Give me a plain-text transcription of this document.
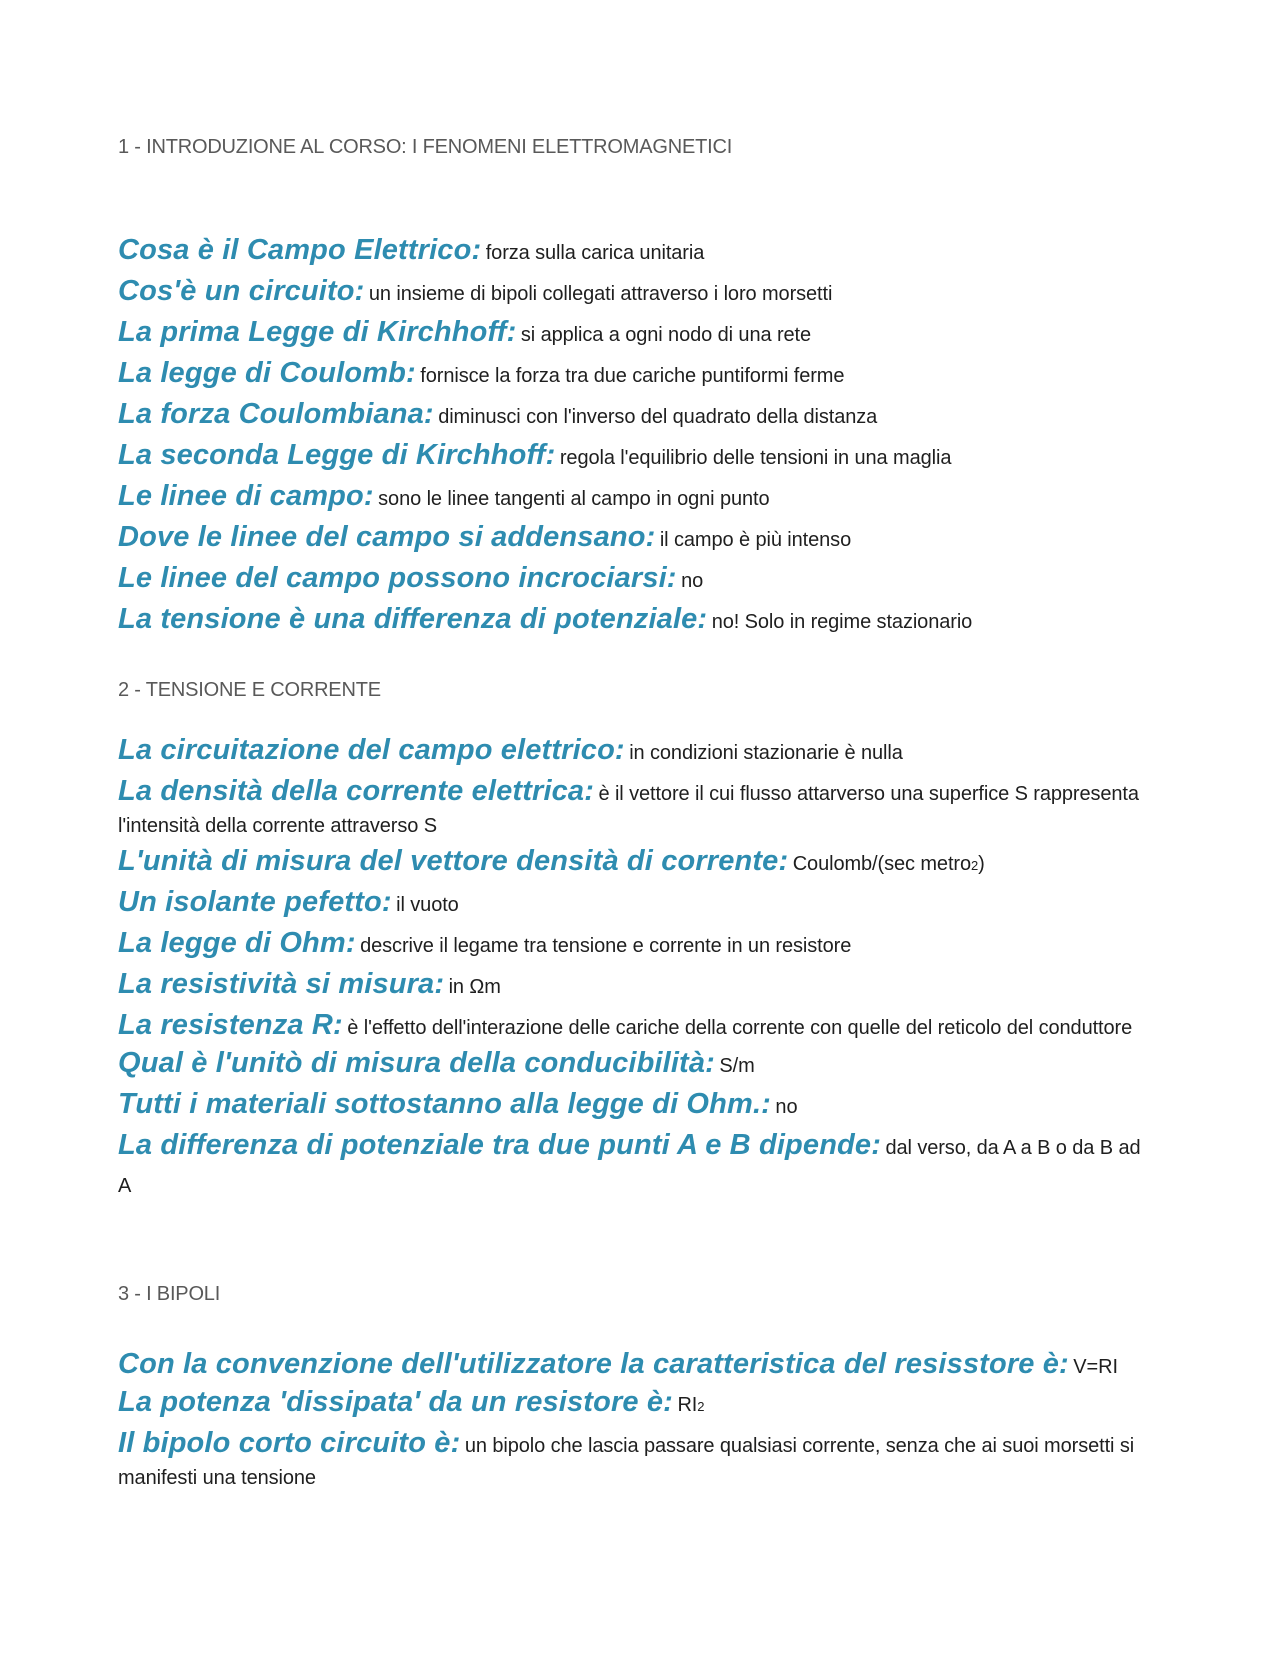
1 - INTRODUZIONE AL CORSO: I FENOMENI ELETTROMAGNETICI

Cosa è il Campo Elettrico: forza sulla carica unitaria

Cos'è un circuito: un insieme di bipoli collegati attraverso i loro morsetti

La prima Legge di Kirchhoff: si applica a ogni nodo di una rete

La legge di Coulomb: fornisce la forza tra due cariche puntiformi ferme

La forza Coulombiana: diminusci con l'inverso del quadrato della distanza

La seconda Legge di Kirchhoff: regola l'equilibrio delle tensioni in una maglia

Le linee di campo: sono le linee tangenti al campo in ogni punto

Dove le linee del campo si addensano: il campo è più intenso

Le linee del campo possono incrociarsi: no

La tensione è una differenza di potenziale: no! Solo in regime stazionario

2 - TENSIONE E CORRENTE

La circuitazione del campo elettrico: in condizioni stazionarie è nulla

La densità della corrente elettrica: è il vettore il cui flusso attarverso una superfice S rappresenta l'intensità della corrente attraverso S

L'unità di misura del vettore densità di corrente: Coulomb/(sec metro2)

Un isolante pefetto: il vuoto

La legge di Ohm: descrive il legame tra tensione e corrente in un resistore

La resistività si misura: in Ωm

La resistenza R: è l'effetto dell'interazione delle cariche della corrente con quelle del reticolo del conduttore

Qual è l'unitò di misura della conducibilità: S/m

Tutti i materiali sottostanno alla legge di Ohm.: no

La differenza di potenziale tra due punti A e B dipende: dal verso, da A a B o da B ad A

3 - I BIPOLI

Con la convenzione dell'utilizzatore la caratteristica del resisstore è: V=RI

La potenza 'dissipata' da un resistore è: RI2

Il bipolo corto circuito è: un bipolo che lascia passare qualsiasi corrente, senza che ai suoi morsetti si manifesti una tensione
